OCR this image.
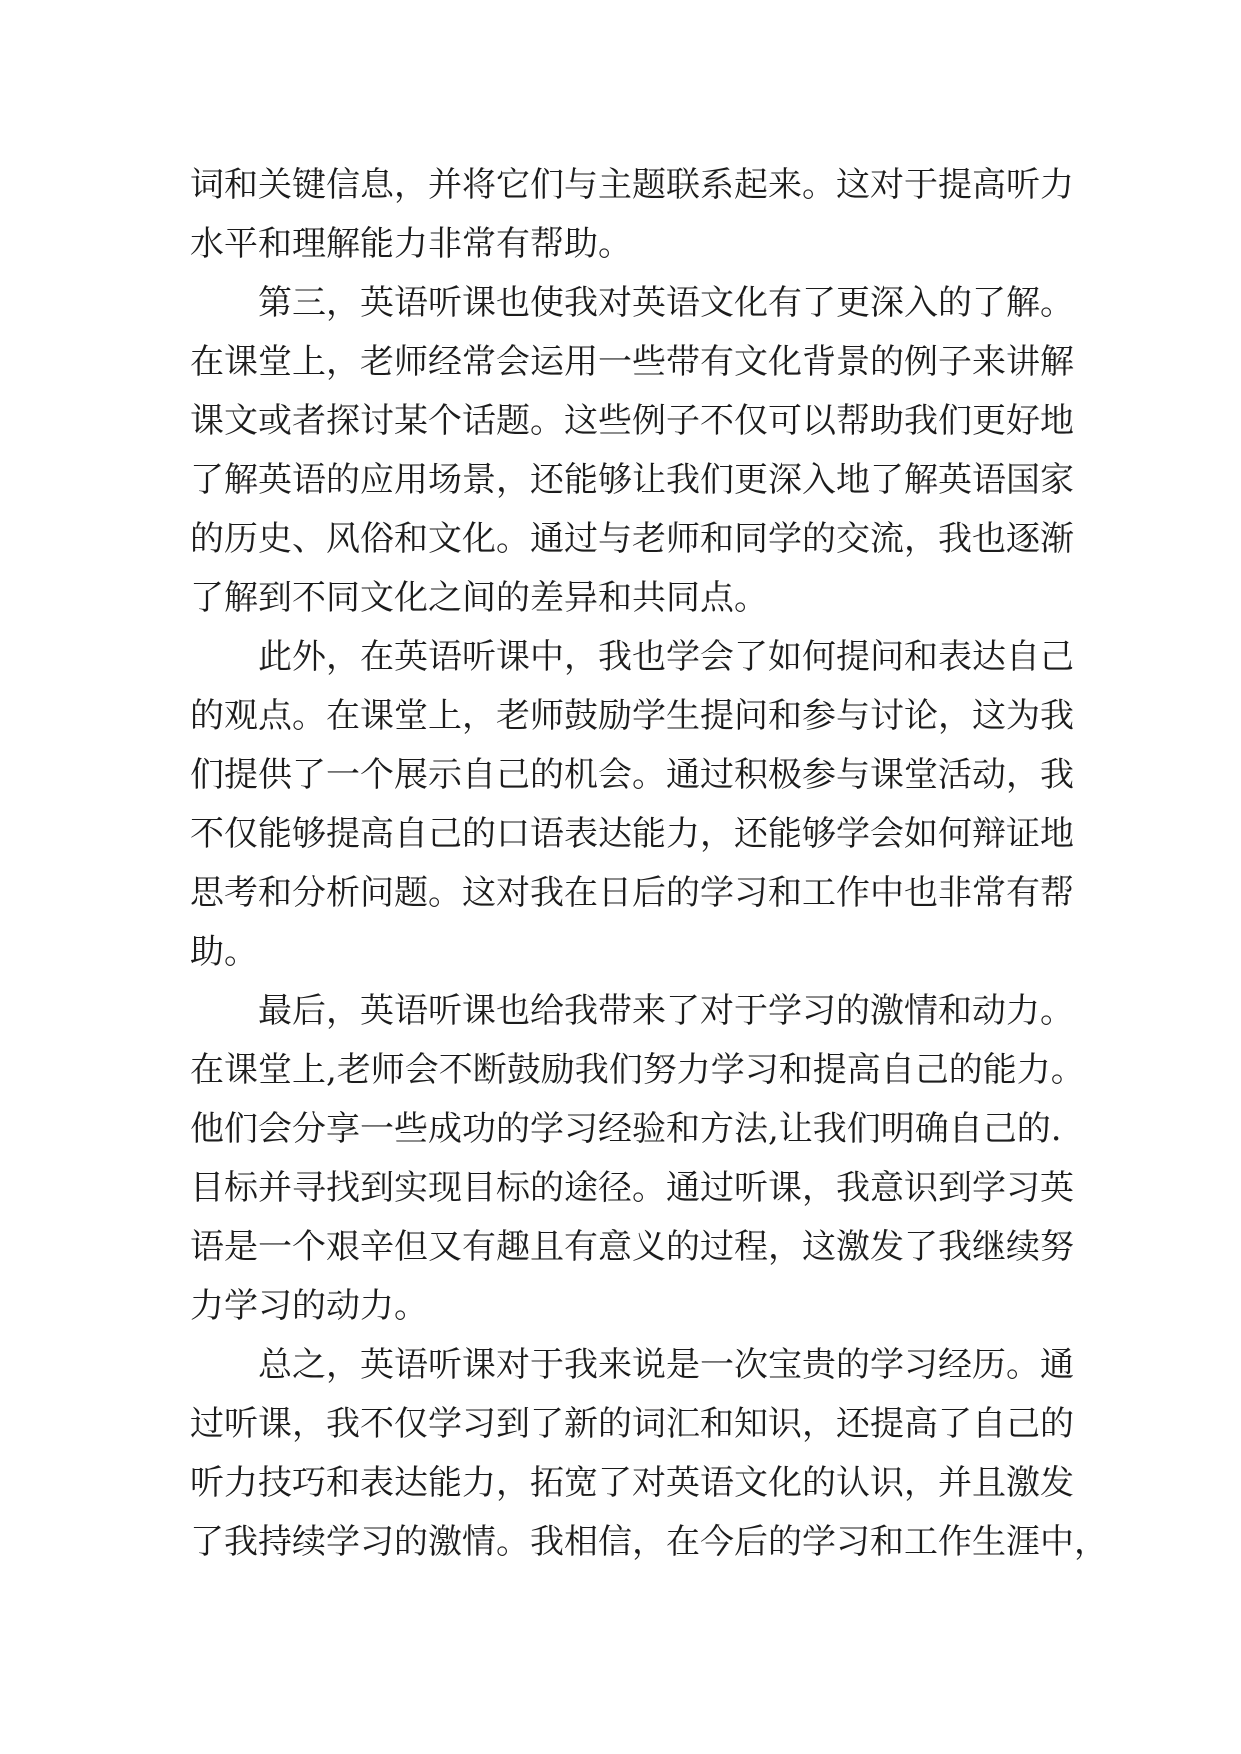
词和关键信息，并将它们与主题联系起来。这对于提高听力

水平和理解能力非常有帮助。

第三，英语听课也使我对英语文化有了更深入的了解。

在课堂上，老师经常会运用一些带有文化背景的例子来讲解

课文或者探讨某个话题。这些例子不仅可以帮助我们更好地

了解英语的应用场景，还能够让我们更深入地了解英语国家

的历史、风俗和文化。通过与老师和同学的交流，我也逐渐

了解到不同文化之间的差异和共同点。

此外，在英语听课中，我也学会了如何提问和表达自己

的观点。在课堂上，老师鼓励学生提问和参与讨论，这为我

们提供了一个展示自己的机会。通过积极参与课堂活动，我

不仅能够提高自己的口语表达能力，还能够学会如何辩证地

思考和分析问题。这对我在日后的学习和工作中也非常有帮

助。

最后，英语听课也给我带来了对于学习的激情和动力。

在课堂上,老师会不断鼓励我们努力学习和提高自己的能力。

他们会分享一些成功的学习经验和方法,让我们明确自己的.

目标并寻找到实现目标的途径。通过听课，我意识到学习英

语是一个艰辛但又有趣且有意义的过程，这激发了我继续努

力学习的动力。

总之，英语听课对于我来说是一次宝贵的学习经历。通

过听课，我不仅学习到了新的词汇和知识，还提高了自己的

听力技巧和表达能力，拓宽了对英语文化的认识，并且激发

了我持续学习的激情。我相信，在今后的学习和工作生涯中，
